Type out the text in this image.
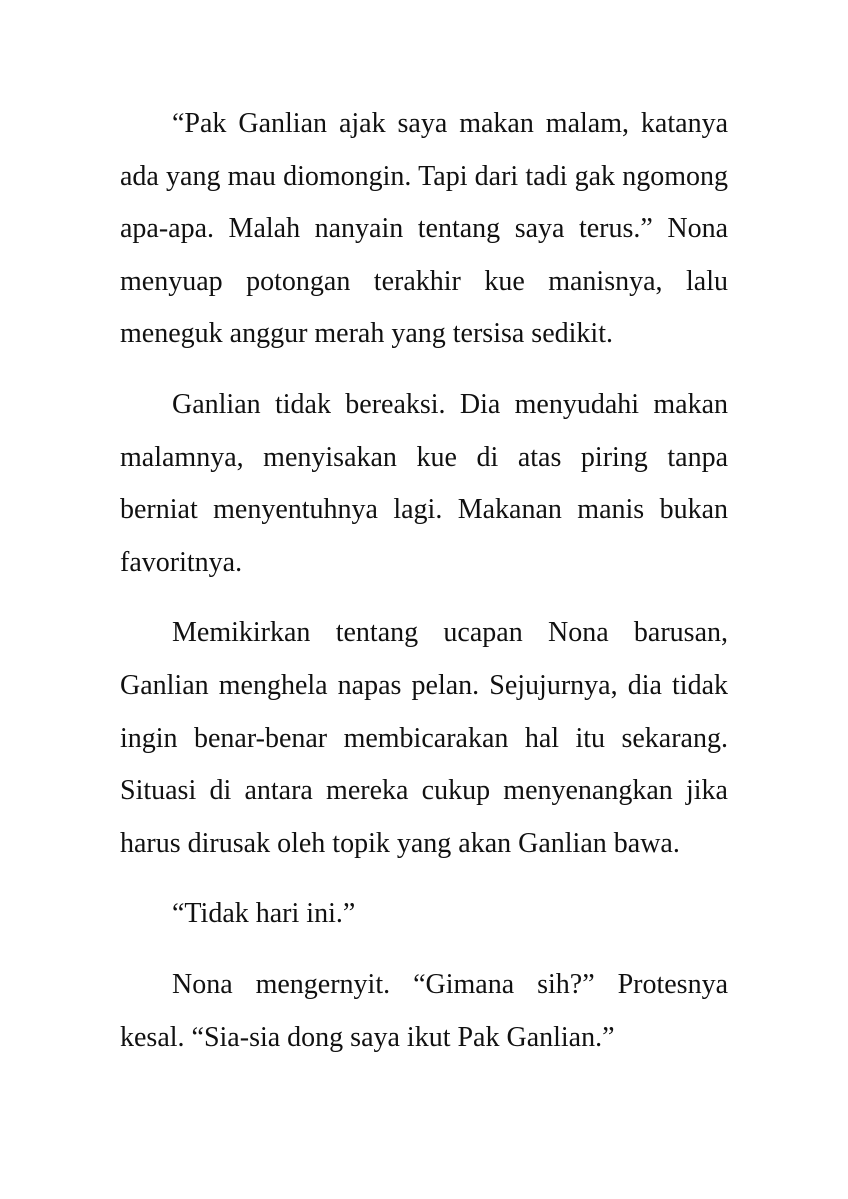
“Pak Ganlian ajak saya makan malam, katanya ada yang mau diomongin. Tapi dari tadi gak ngomong apa-apa. Malah nanyain tentang saya terus.” Nona menyuap potongan terakhir kue manisnya, lalu meneguk anggur merah yang tersisa sedikit.

Ganlian tidak bereaksi. Dia menyudahi makan malamnya, menyisakan kue di atas piring tanpa berniat menyentuhnya lagi. Makanan manis bukan favoritnya.

Memikirkan tentang ucapan Nona barusan, Ganlian menghela napas pelan. Sejujurnya, dia tidak ingin benar-benar membicarakan hal itu sekarang. Situasi di antara mereka cukup menyenangkan jika harus dirusak oleh topik yang akan Ganlian bawa.

“Tidak hari ini.”

Nona mengernyit. “Gimana sih?” Protesnya kesal. “Sia-sia dong saya ikut Pak Ganlian.”
